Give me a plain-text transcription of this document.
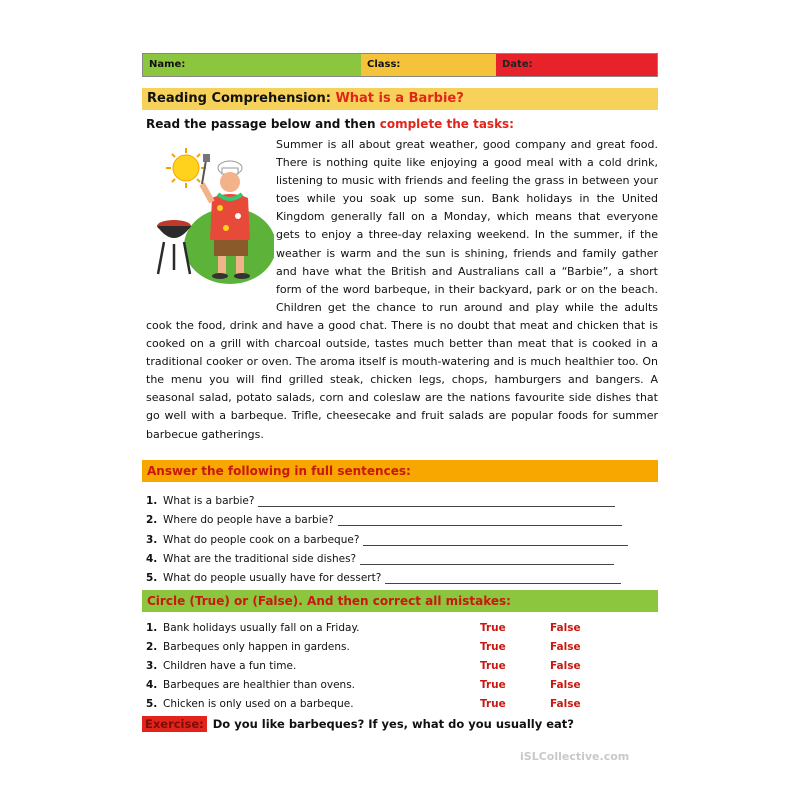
Name:	Class:	Date:
Reading Comprehension: What is a Barbie?
Read the passage below and then complete the tasks:
Summer is all about great weather, good company and great food. There is nothing quite like enjoying a good meal with a cold drink, listening to music with friends and feeling the grass in between your toes while you soak up some sun. Bank holidays in the United Kingdom generally fall on a Monday, which means that everyone gets to enjoy a three-day relaxing weekend. In the summer, if the weather is warm and the sun is shining, friends and family gather and have what the British and Australians call a “Barbie”, a short form of the word barbeque, in their backyard, park or on the beach. Children get the chance to run around and play while the adults cook the food, drink and have a good chat. There is no doubt that meat and chicken that is cooked on a grill with charcoal outside, tastes much better than meat that is cooked in a traditional cooker or oven. The aroma itself is mouth-watering and is much healthier too. On the menu you will find grilled steak, chicken legs, chops, hamburgers and bangers. A seasonal salad, potato salads, corn and coleslaw are the nations favourite side dishes that go well with a barbeque. Trifle, cheesecake and fruit salads are popular foods for summer barbecue gatherings.
Answer the following in full sentences:
1. What is a barbie?
2. Where do people have a barbie?
3. What do people cook on a barbeque?
4. What are the traditional side dishes?
5. What do people usually have for dessert?
Circle (True) or (False). And then correct all mistakes:
1. Bank holidays usually fall on a Friday.	True	False
2. Barbeques only happen in gardens.	True	False
3. Children have a fun time.	True	False
4. Barbeques are healthier than ovens.	True	False
5. Chicken is only used on a barbeque.	True	False
Exercise: Do you like barbeques? If yes, what do you usually eat?
iSLCollective.com
